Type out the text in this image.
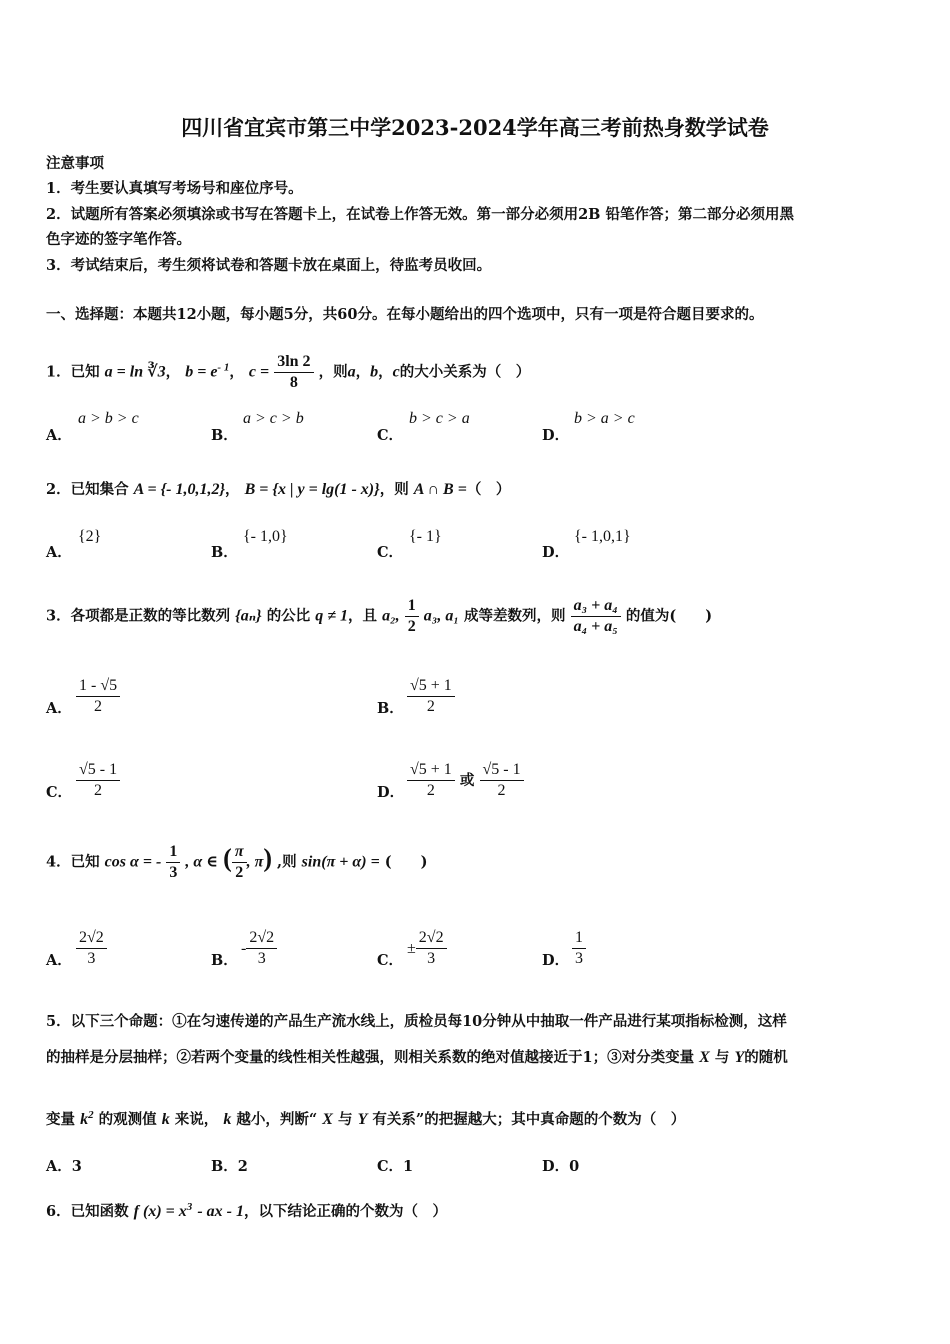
四川省宜宾市第三中学2023-2024学年高三考前热身数学试卷
注意事项
1．考生要认真填写考场号和座位序号。
2．试题所有答案必须填涂或书写在答题卡上，在试卷上作答无效。第一部分必须用2B 铅笔作答；第二部分必须用黑
色字迹的签字笔作答。
3．考试结束后，考生须将试卷和答题卡放在桌面上，待监考员收回。
一、选择题：本题共12小题，每小题5分，共60分。在每小题给出的四个选项中，只有一项是符合题目要求的。
1．已知 a = ln ∛3， $b = e^{- 1}$， $c = \frac{3\ln 2}{8}$ ，则a，b，c的大小关系为（　）
A．
a > b > c
B．
a > c > b
C．
b > c > a
D．
b > a > c
2．已知集合 A = {- 1,0,1,2}， B = {x | y = lg(1 - x)}，则 A ∩ B =（　）
A．
{2}
B．
{- 1,0}
C．
{- 1}
D．
{- 1,0,1}
3．各项都是正数的等比数列 {aₙ} 的公比 q ≠ 1，且 a₂, $\frac{1}{2} a_3$, a₁ 成等差数列，则 $\frac{\text{a₃ + a₄}}{\text{a₄ + a₅}}$ 的值为(　　)
A． $\frac{1 - √5}{2}$	B． $\frac{√5 + 1}{2}$
C． $\frac{√5 - 1}{2}$	D． $\frac{√5 + 1}{2}$ 或 $\frac{√5 - 1}{2}$
4．已知 cos α = - $\frac{1}{3}$ , α ∈ ( $\frac{\pi}{2}$ , π) ,则 sin(π + α) = (　　)
A． $\frac{2√2}{3}$	B．
- $\frac{2√2}{3}$	C．
± $\frac{2√2}{3}$	D． $\frac{1}{3}$
5．以下三个命题：①在匀速传递的产品生产流水线上，质检员每10分钟从中抽取一件产品进行某项指标检测，这样
的抽样是分层抽样；②若两个变量的线性相关性越强，则相关系数的绝对值越接近于1；③对分类变量 X 与 Y的随机
变量 $k^2$ 的观测值 k 来说， k 越小，判断“ X 与 Y 有关系”的把握越大；其中真命题的个数为（　）
A．3	B．2	C．1	D．0
6．已知函数 f $(x) = x^3$ - ax - 1，以下结论正确的个数为（　）
